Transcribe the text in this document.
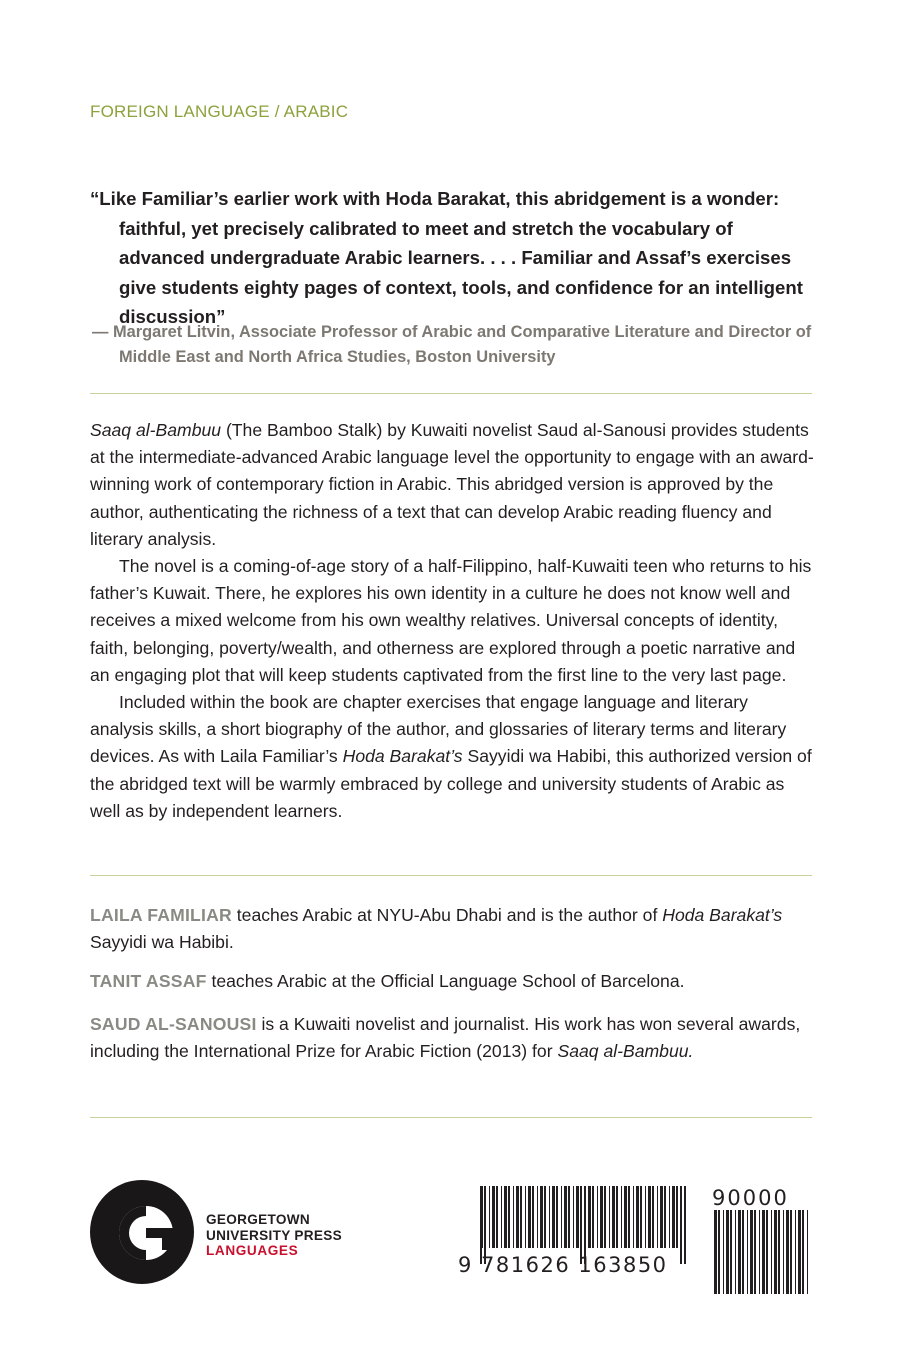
FOREIGN LANGUAGE / ARABIC

“Like Familiar’s earlier work with Hoda Barakat, this abridgement is a wonder: faithful, yet precisely calibrated to meet and stretch the vocabulary of advanced undergraduate Arabic learners. . . . Familiar and Assaf’s exercises give students eighty pages of context, tools, and confidence for an intelligent discussion”

— Margaret Litvin, Associate Professor of Arabic and Comparative Literature and Director of Middle East and North Africa Studies, Boston University

Saaq al-Bambuu (The Bamboo Stalk) by Kuwaiti novelist Saud al-Sanousi provides students at the intermediate-advanced Arabic language level the opportunity to engage with an award-winning work of contemporary fiction in Arabic. This abridged version is approved by the author, authenticating the richness of a text that can develop Arabic reading fluency and literary analysis.

The novel is a coming-of-age story of a half-Filippino, half-Kuwaiti teen who returns to his father’s Kuwait. There, he explores his own identity in a culture he does not know well and receives a mixed welcome from his own wealthy relatives. Universal concepts of identity, faith, belonging, poverty/wealth, and otherness are explored through a poetic narrative and an engaging plot that will keep students captivated from the first line to the very last page.

Included within the book are chapter exercises that engage language and literary analysis skills, a short biography of the author, and glossaries of literary terms and literary devices. As with Laila Familiar’s Hoda Barakat’s Sayyidi wa Habibi, this authorized version of the abridged text will be warmly embraced by college and university students of Arabic as well as by independent learners.

LAILA FAMILIAR teaches Arabic at NYU-Abu Dhabi and is the author of Hoda Barakat’s Sayyidi wa Habibi.

TANIT ASSAF teaches Arabic at the Official Language School of Barcelona.

SAUD AL-SANOUSI is a Kuwaiti novelist and journalist. His work has won several awards, including the International Prize for Arabic Fiction (2013) for Saaq al-Bambuu.

GEORGETOWN
UNIVERSITY PRESS
LANGUAGES
9 781626 163850
90000
